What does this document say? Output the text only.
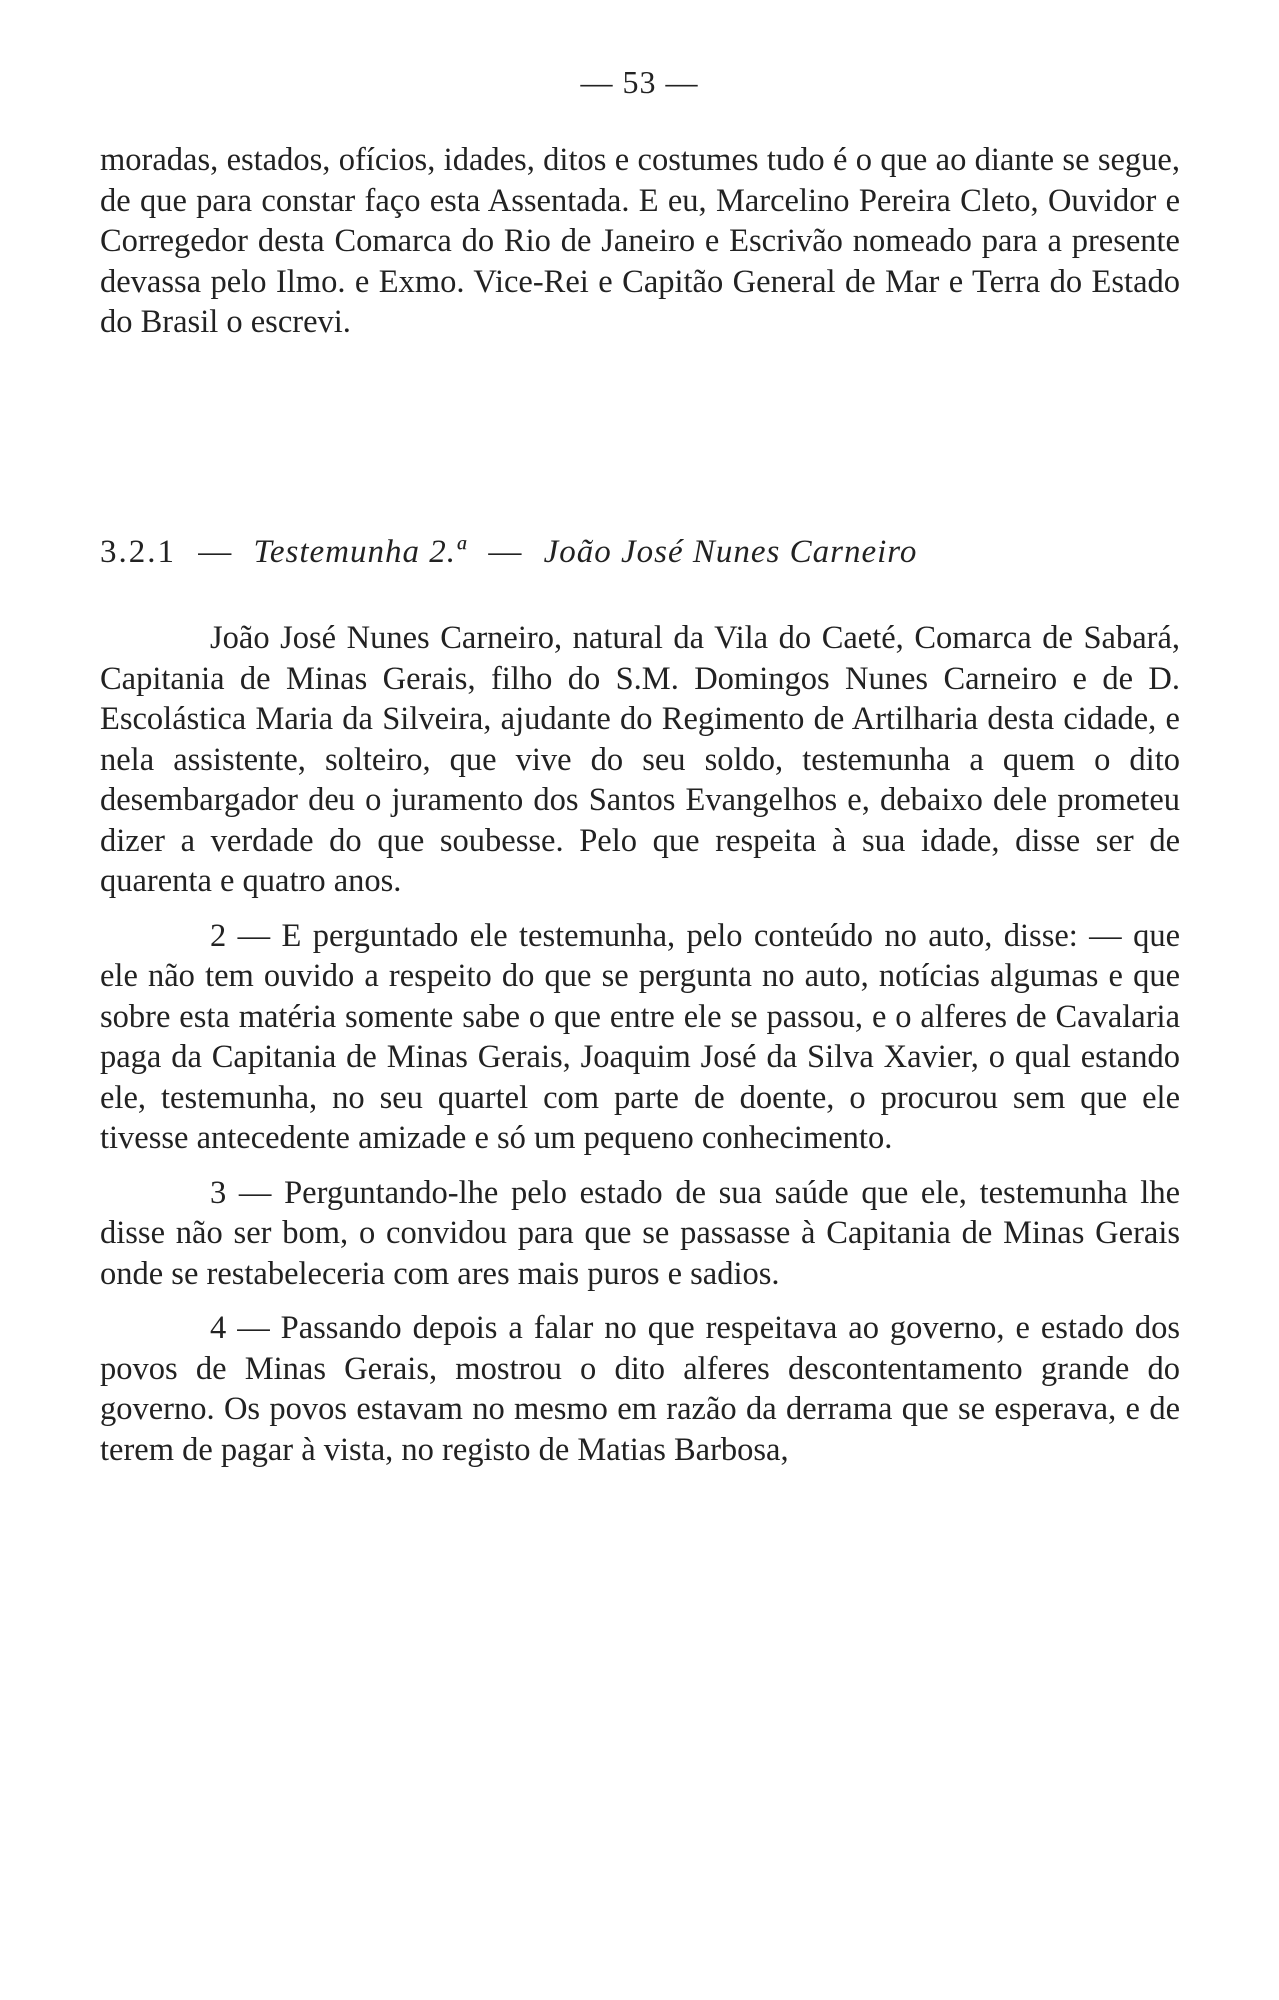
— 53 —

moradas, estados, ofícios, idades, ditos e costumes tudo é o que ao diante se segue, de que para constar faço esta Assentada. E eu, Marcelino Pereira Cleto, Ouvidor e Corregedor desta Comarca do Rio de Janeiro e Escrivão nomeado para a presente devassa pelo Ilmo. e Exmo. Vice-Rei e Capitão General de Mar e Terra do Estado do Brasil o escrevi.

3.2.1 — Testemunha 2.ª — João José Nunes Carneiro

João José Nunes Carneiro, natural da Vila do Caeté, Comarca de Sabará, Capitania de Minas Gerais, filho do S.M. Domingos Nunes Carneiro e de D. Escolástica Maria da Silveira, ajudante do Regimento de Artilharia desta cidade, e nela assistente, solteiro, que vive do seu soldo, testemunha a quem o dito desembargador deu o juramento dos Santos Evangelhos e, debaixo dele prometeu dizer a verdade do que soubesse. Pelo que respeita à sua idade, disse ser de quarenta e quatro anos.

2 — E perguntado ele testemunha, pelo conteúdo no auto, disse: — que ele não tem ouvido a respeito do que se pergunta no auto, notícias algumas e que sobre esta matéria somente sabe o que entre ele se passou, e o alferes de Cavalaria paga da Capitania de Minas Gerais, Joaquim José da Silva Xavier, o qual estando ele, testemunha, no seu quartel com parte de doente, o procurou sem que ele tivesse antecedente amizade e só um pequeno conhecimento.

3 — Perguntando-lhe pelo estado de sua saúde que ele, testemunha lhe disse não ser bom, o convidou para que se passasse à Capitania de Minas Gerais onde se restabeleceria com ares mais puros e sadios.

4 — Passando depois a falar no que respeitava ao governo, e estado dos povos de Minas Gerais, mostrou o dito alferes descontentamento grande do governo. Os povos estavam no mesmo em razão da derrama que se esperava, e de terem de pagar à vista, no registo de Matias Barbosa,
